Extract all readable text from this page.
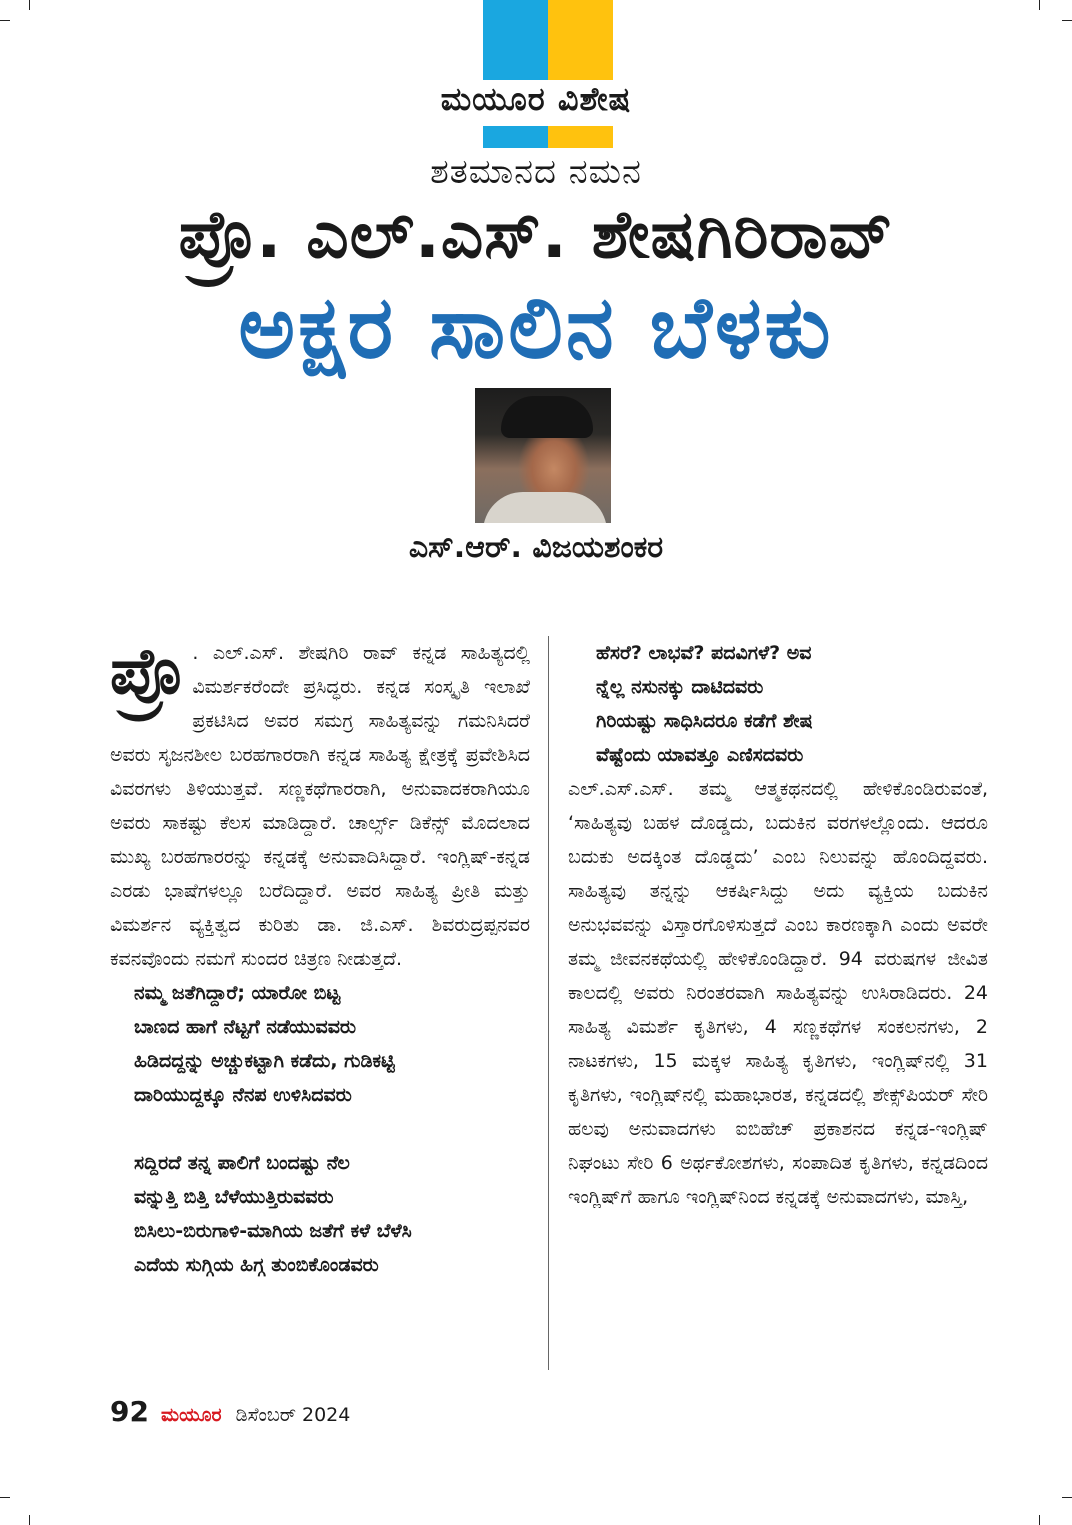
ಮಯೂರ ವಿಶೇಷ
ಶತಮಾನದ ನಮನ
ಪ್ರೊ. ಎಲ್.ಎಸ್. ಶೇಷಗಿರಿರಾವ್
ಅಕ್ಷರ ಸಾಲಿನ ಬೆಳಕು
ಎಸ್.ಆರ್. ವಿಜಯಶಂಕರ

ಪ್ರೊ . ಎಲ್.ಎಸ್. ಶೇಷಗಿರಿ ರಾವ್ ಕನ್ನಡ ಸಾಹಿತ್ಯದಲ್ಲಿ ವಿಮರ್ಶಕರೆಂದೇ ಪ್ರಸಿದ್ಧರು. ಕನ್ನಡ ಸಂಸ್ಕೃತಿ ಇಲಾಖೆ ಪ್ರಕಟಿಸಿದ ಅವರ ಸಮಗ್ರ ಸಾಹಿತ್ಯವನ್ನು ಗಮನಿಸಿದರೆ ಅವರು ಸೃಜನಶೀಲ ಬರಹಗಾರರಾಗಿ ಕನ್ನಡ ಸಾಹಿತ್ಯ ಕ್ಷೇತ್ರಕ್ಕೆ ಪ್ರವೇಶಿಸಿದ ವಿವರಗಳು ತಿಳಿಯುತ್ತವೆ. ಸಣ್ಣಕಥೆಗಾರರಾಗಿ, ಅನುವಾದಕರಾಗಿಯೂ ಅವರು ಸಾಕಷ್ಟು ಕೆಲಸ ಮಾಡಿದ್ದಾರೆ. ಚಾರ್ಲ್ಸ್ ಡಿಕೆನ್ಸ್ ಮೊದಲಾದ ಮುಖ್ಯ ಬರಹಗಾರರನ್ನು ಕನ್ನಡಕ್ಕೆ ಅನುವಾದಿಸಿದ್ದಾರೆ. ಇಂಗ್ಲಿಷ್-ಕನ್ನಡ ಎರಡು ಭಾಷೆಗಳಲ್ಲೂ ಬರೆದಿದ್ದಾರೆ. ಅವರ ಸಾಹಿತ್ಯ ಪ್ರೀತಿ ಮತ್ತು ವಿಮರ್ಶನ ವ್ಯಕ್ತಿತ್ವದ ಕುರಿತು ಡಾ. ಜಿ.ಎಸ್. ಶಿವರುದ್ರಪ್ಪನವರ ಕವನವೊಂದು ನಮಗೆ ಸುಂದರ ಚಿತ್ರಣ ನೀಡುತ್ತದೆ.

ನಮ್ಮ ಜತೆಗಿದ್ದಾರೆ; ಯಾರೋ ಬಿಟ್ಟ
ಬಾಣದ ಹಾಗೆ ನೆಟ್ಟಗೆ ನಡೆಯುವವರು
ಹಿಡಿದದ್ದನ್ನು ಅಚ್ಚುಕಟ್ಟಾಗಿ ಕಡೆದು, ಗುಡಿಕಟ್ಟಿ
ದಾರಿಯುದ್ದಕ್ಕೂ ನೆನಪ ಉಳಿಸಿದವರು
ಸದ್ದಿರದೆ ತನ್ನ ಪಾಲಿಗೆ ಬಂದಷ್ಟು ನೆಲ
ವನ್ನುತ್ತಿ ಬಿತ್ತಿ ಬೆಳೆಯುತ್ತಿರುವವರು
ಬಿಸಿಲು-ಬಿರುಗಾಳಿ-ಮಾಗಿಯ ಜತೆಗೆ ಕಳೆ ಬೆಳೆಸಿ
ಎದೆಯ ಸುಗ್ಗಿಯ ಹಿಗ್ಗ ತುಂಬಿಕೊಂಡವರು
ಹೆಸರೆ? ಲಾಭವೆ? ಪದವಿಗಳೆ? ಅವ
ನ್ನೆಲ್ಲ ನಸುನಕ್ಕು ದಾಟಿದವರು
ಗಿರಿಯಷ್ಟು ಸಾಧಿಸಿದರೂ ಕಡೆಗೆ ಶೇಷ
ವೆಷ್ಟೆಂದು ಯಾವತ್ತೂ ಎಣಿಸದವರು

ಎಲ್.ಎಸ್.ಎಸ್. ತಮ್ಮ ಆತ್ಮಕಥನದಲ್ಲಿ ಹೇಳಿಕೊಂಡಿರುವಂತೆ, ‘ಸಾಹಿತ್ಯವು ಬಹಳ ದೊಡ್ಡದು, ಬದುಕಿನ ವರಗಳಲ್ಲೊಂದು. ಆದರೂ ಬದುಕು ಅದಕ್ಕಿಂತ ದೊಡ್ಡದು’ ಎಂಬ ನಿಲುವನ್ನು ಹೊಂದಿದ್ದವರು. ಸಾಹಿತ್ಯವು ತನ್ನನ್ನು ಆಕರ್ಷಿಸಿದ್ದು ಅದು ವ್ಯಕ್ತಿಯ ಬದುಕಿನ ಅನುಭವವನ್ನು ವಿಸ್ತಾರಗೊಳಿಸುತ್ತದೆ ಎಂಬ ಕಾರಣಕ್ಕಾಗಿ ಎಂದು ಅವರೇ ತಮ್ಮ ಜೀವನಕಥೆಯಲ್ಲಿ ಹೇಳಿಕೊಂಡಿದ್ದಾರೆ. 94 ವರುಷಗಳ ಜೀವಿತ ಕಾಲದಲ್ಲಿ ಅವರು ನಿರಂತರವಾಗಿ ಸಾಹಿತ್ಯವನ್ನು ಉಸಿರಾಡಿದರು. 24 ಸಾಹಿತ್ಯ ವಿಮರ್ಶೆ ಕೃತಿಗಳು, 4 ಸಣ್ಣಕಥೆಗಳ ಸಂಕಲನಗಳು, 2 ನಾಟಕಗಳು, 15 ಮಕ್ಕಳ ಸಾಹಿತ್ಯ ಕೃತಿಗಳು, ಇಂಗ್ಲಿಷ್‌ನಲ್ಲಿ 31 ಕೃತಿಗಳು, ಇಂಗ್ಲಿಷ್‌ನಲ್ಲಿ ಮಹಾಭಾರತ, ಕನ್ನಡದಲ್ಲಿ ಶೇಕ್ಸ್‌ಪಿಯರ್ ಸೇರಿ ಹಲವು ಅನುವಾದಗಳು ಐಬಿಹೆಚ್ ಪ್ರಕಾಶನದ ಕನ್ನಡ-ಇಂಗ್ಲಿಷ್ ನಿಘಂಟು ಸೇರಿ 6 ಅರ್ಥಕೋಶಗಳು, ಸಂಪಾದಿತ ಕೃತಿಗಳು, ಕನ್ನಡದಿಂದ ಇಂಗ್ಲಿಷ್‌ಗೆ ಹಾಗೂ ಇಂಗ್ಲಿಷ್‌ನಿಂದ ಕನ್ನಡಕ್ಕೆ ಅನುವಾದಗಳು, ಮಾಸ್ತಿ,

92 ಮಯೂರ ಡಿಸೆಂಬರ್ 2024
